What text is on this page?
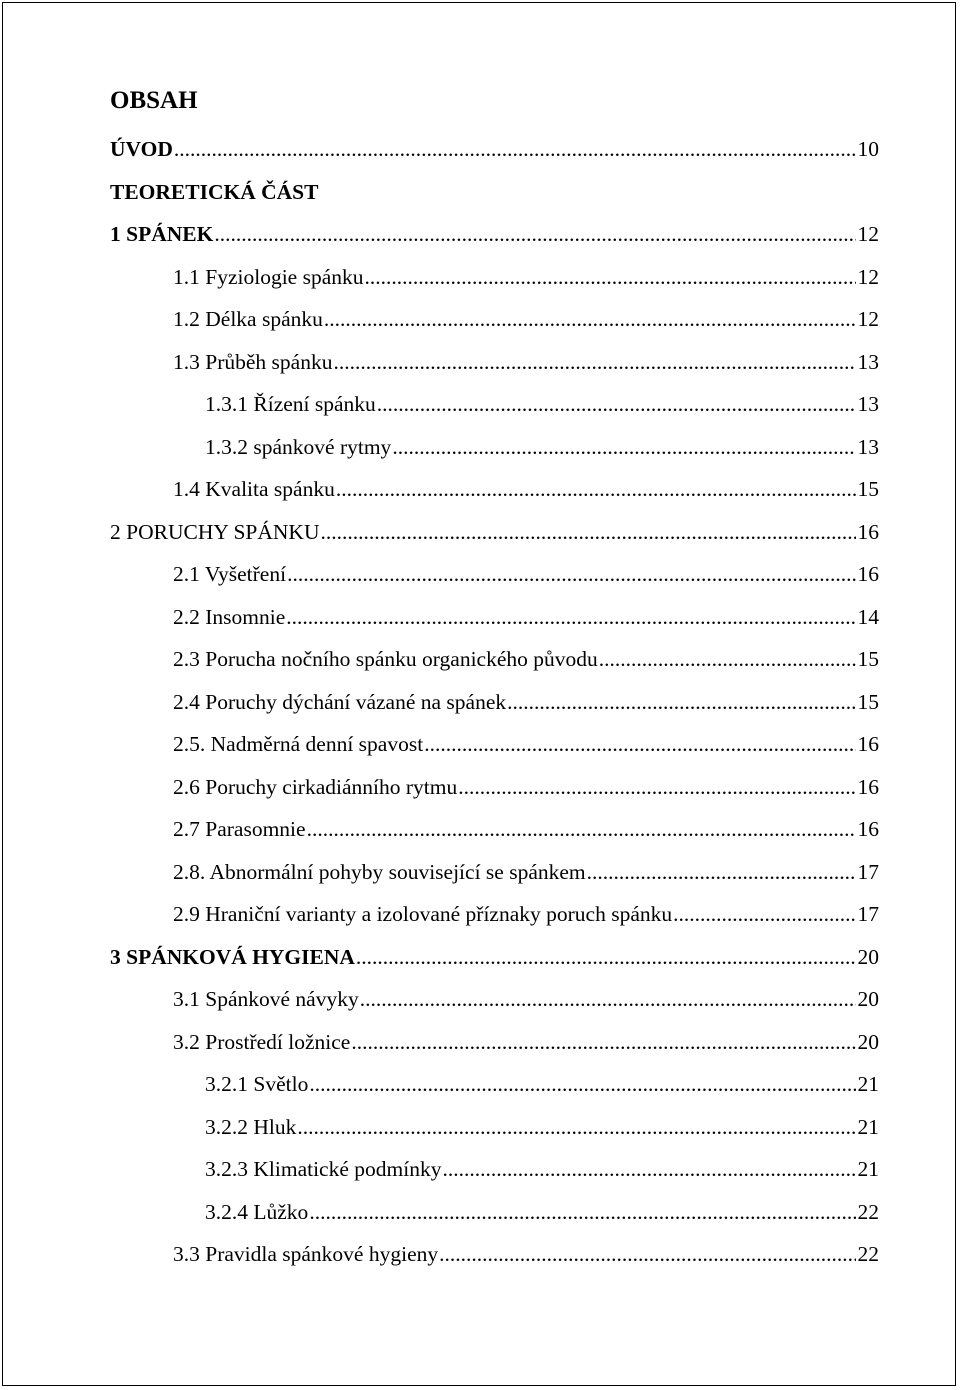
OBSAH
ÚVOD .....	10
TEORETICKÁ ČÁST
1 SPÁNEK .....	12
1.1 Fyziologie spánku .....	12
1.2 Délka spánku .....	12
1.3 Průběh spánku .....	13
1.3.1 Řízení spánku .....	13
1.3.2 spánkové rytmy .....	13
1.4 Kvalita spánku .....	15
2 PORUCHY SPÁNKU .....	16
2.1 Vyšetření .....	16
2.2 Insomnie .....	14
2.3 Porucha nočního spánku organického původu .....	15
2.4 Poruchy dýchání vázané na spánek .....	15
2.5. Nadměrná denní spavost .....	16
2.6 Poruchy cirkadiánního rytmu .....	16
2.7 Parasomnie .....	16
2.8. Abnormální pohyby související se spánkem .....	17
2.9 Hraniční varianty a izolované příznaky poruch spánku .....	17
3 SPÁNKOVÁ HYGIENA .....	20
3.1 Spánkové návyky .....	20
3.2 Prostředí ložnice .....	20
3.2.1 Světlo .....	21
3.2.2 Hluk .....	21
3.2.3 Klimatické podmínky .....	21
3.2.4 Lůžko .....	22
3.3 Pravidla spánkové hygieny .....	22
